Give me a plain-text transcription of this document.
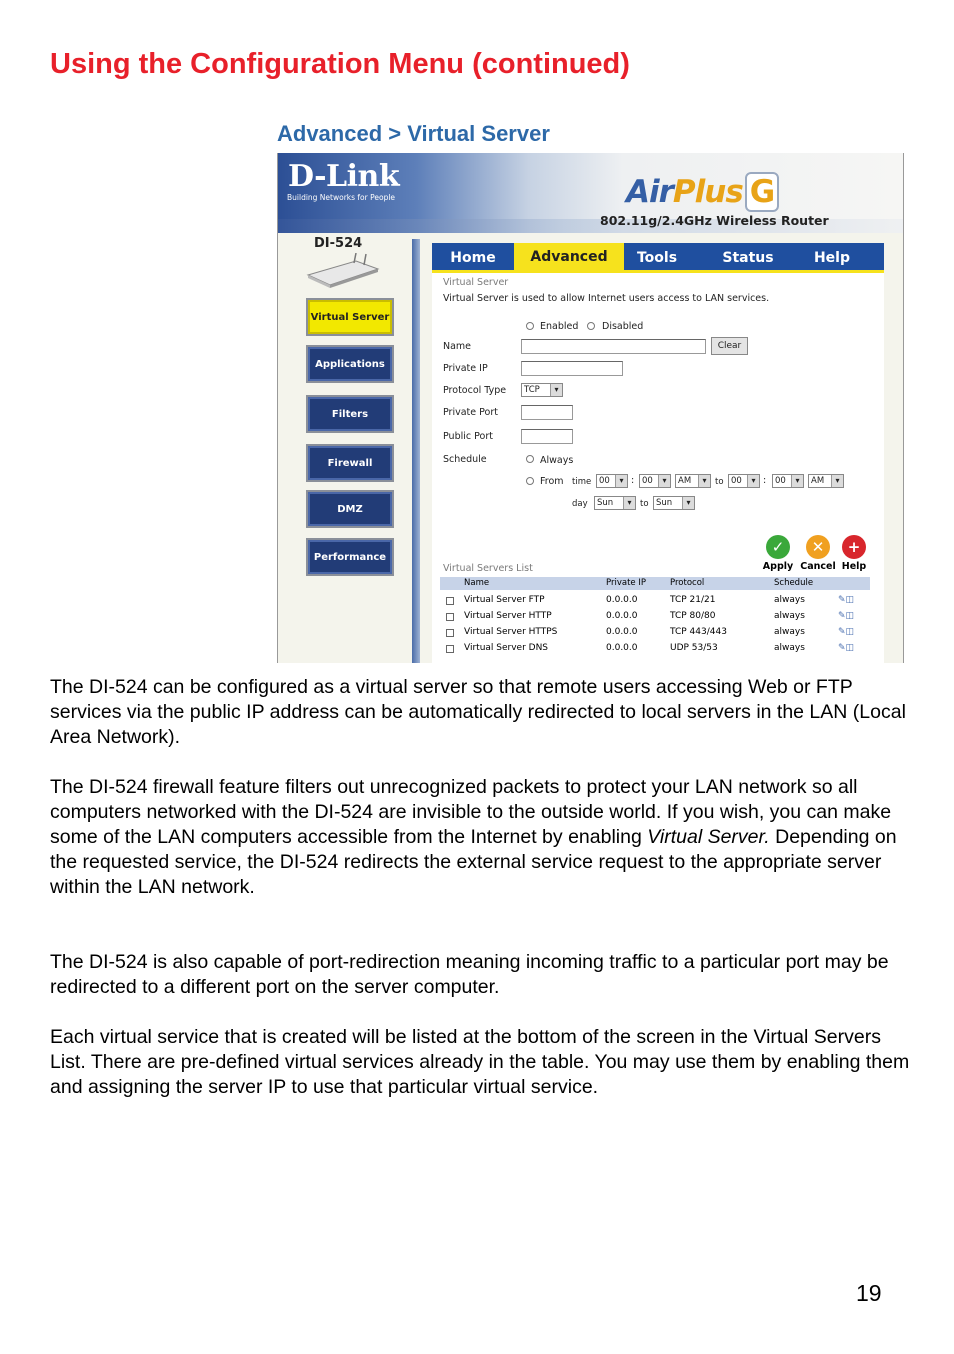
Using the Configuration Menu (continued)
Advanced > Virtual Server
D-Link
Building Networks for People	AirPlus G
802.11g/2.4GHz Wireless Router
DI-524
Virtual Server
Applications
Filters
Firewall
DMZ
Performance
Home	Advanced	Tools	Status	Help
Virtual Server
Virtual Server is used to allow Internet users access to LAN services.
Enabled Disabled
Name	Clear
Private IP
Protocol Type	TCP ▾
Private Port
Public Port
Schedule	Always
From time 00 ▾	: 00 ▾	AM ▾	to 00 ▾	:	00 ▾	AM ▾
day	Sun ▾	to Sun ▾
✓
Apply
✕
Cancel
+
Help
Virtual Servers List
Name	Private IP	Protocol	Schedule
Virtual Server FTP	0.0.0.0	TCP 21/21	always	✎◫
Virtual Server HTTP	0.0.0.0	TCP 80/80	always	✎◫
Virtual Server HTTPS	0.0.0.0	TCP 443/443	always	✎◫
Virtual Server DNS	0.0.0.0	UDP 53/53	always	✎◫
The DI-524 can be configured as a virtual server so that remote users accessing Web or FTP services via the public IP address can be automatically redirected to local servers in the LAN (Local Area Network).
The DI-524 firewall feature filters out unrecognized packets to protect your LAN network so all computers networked with the DI-524 are invisible to the outside world. If you wish, you can make some of the LAN computers accessible from the Internet by enabling Virtual Server. Depending on the requested service, the DI-524 redirects the external service request to the appropriate server within the LAN network.
The DI-524 is also capable of port-redirection meaning incoming traffic to a particular port may be redirected to a different port on the server computer.
Each virtual service that is created will be listed at the bottom of the screen in the Virtual Servers List. There are pre-defined virtual services already in the table. You may use them by enabling them and assigning the server IP to use that particular virtual service.
19
